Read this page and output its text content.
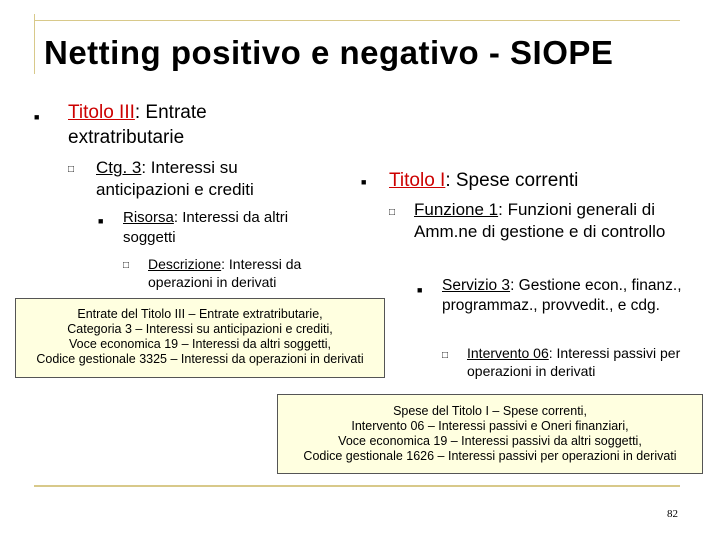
Netting positivo e negativo - SIOPE
■
Titolo III: Entrate extratributarie
□
Ctg. 3: Interessi su anticipazioni e crediti
■
Risorsa: Interessi da altri soggetti
□
Descrizione: Interessi da operazioni in derivati
■
Titolo I: Spese correnti
□
Funzione 1: Funzioni generali di Amm.ne di gestione e di controllo
■
Servizio 3: Gestione econ., finanz., programmaz., provvedit., e cdg.
□
Intervento 06: Interessi passivi per operazioni in derivati
Entrate del Titolo III – Entrate extratributarie,
Categoria 3 – Interessi su anticipazioni e crediti,
Voce economica 19 – Interessi da altri soggetti,
Codice gestionale 3325 – Interessi da operazioni in derivati
Spese del Titolo I – Spese correnti,
Intervento 06 – Interessi passivi e Oneri finanziari,
Voce economica 19 – Interessi passivi da altri soggetti,
Codice gestionale 1626 – Interessi passivi per operazioni in derivati
82
